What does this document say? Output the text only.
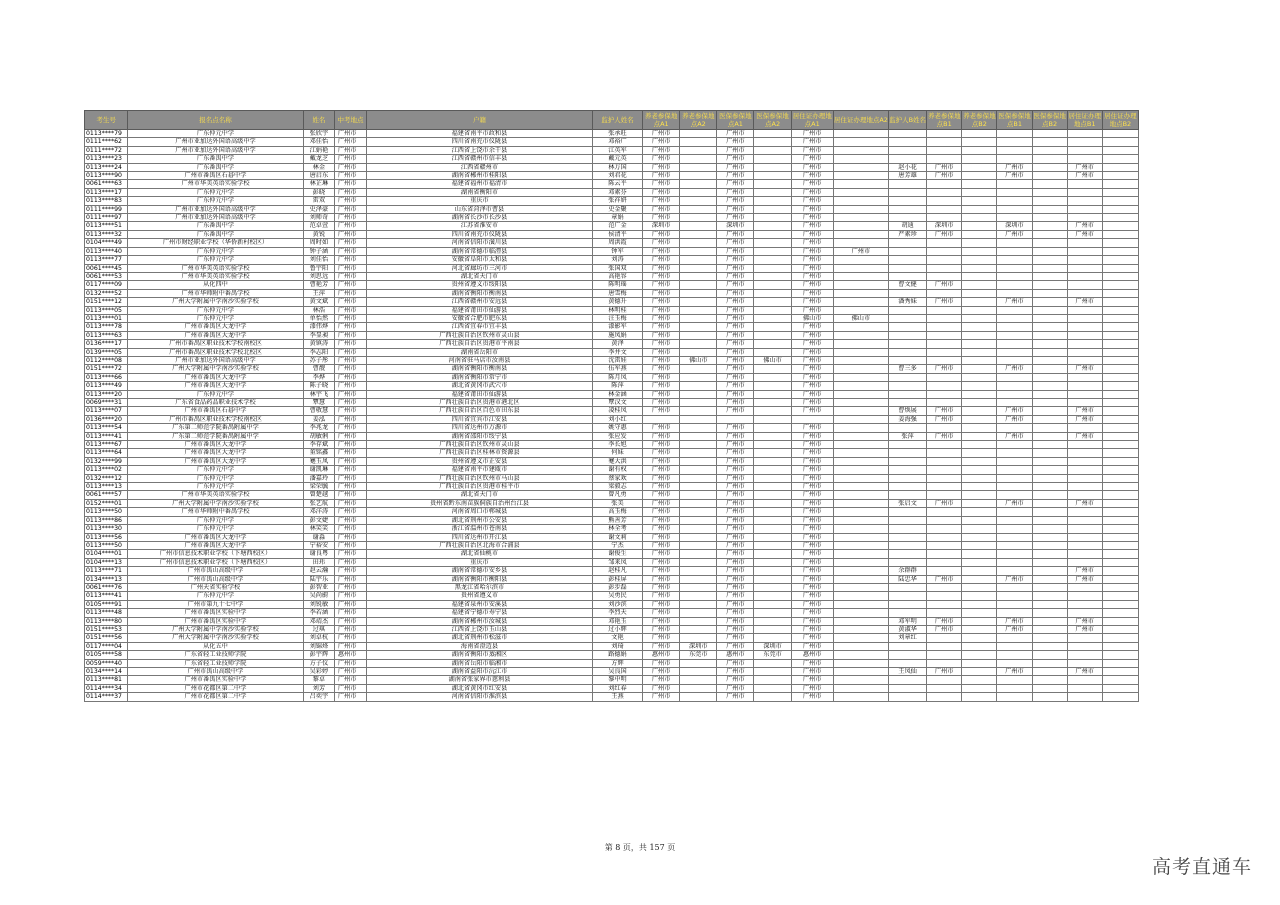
考生号	报名点名称	姓名	中考地点	户籍	监护人姓名	养老参保地点A1	养老参保地点A2	医保参保地点A1	医保参保地点A2	居住证办理地点A1	居住证办理地点A2	监护人B姓名	养老参保地点B1	养老参保地点B2	医保参保地点B1	医保参保地点B2	居住证办理地点B1	居住证办理地点B2
0113****79	广东仲元中学	张欣宇	广州市	福建省南平市政和县	张承旺	广州市		广州市		广州市								
0111****62	广州市亚加达外国语高级中学	邓佳怡	广州市	四川省南充市仪陇县	邓裕广	广州市		广州市		广州市								
0111****72	广州市亚加达外国语高级中学	江娟艳	广州市	江西省上饶市余干县	江英军	广州市		广州市		广州市								
0113****23	广东番禺中学	戴龙芝	广州市	江西省赣州市信丰县	戴元英	广州市		广州市		广州市								
0113****24	广东番禺中学	林金	广州市	江西省赣州市	林万国	广州市		广州市		广州市		赵小花	广州市		广州市		广州市	
0113****90	广州市番禺区石碁中学	唐启东	广州市	湖南省郴州市桂阳县	刘君花	广州市		广州市		广州市		唐芳雄	广州市		广州市		广州市	
0061****63	广州市华美英语实验学校	林芷琳	广州市	福建省福州市福清市	陈云平	广州市		广州市		广州市								
0113****17	广东仲元中学	彭晓	广州市	湖南省衡阳市	邓素芬	广州市		广州市		广州市								
0113****83	广东仲元中学	雷双	广州市	重庆市	张祥妍	广州市		广州市		广州市								
0111****99	广州市亚加达外国语高级中学	史泽豪	广州市	山东省菏泽市曹县	史金聚	广州市		广州市		广州市								
0111****97	广州市亚加达外国语高级中学	刘师奇	广州市	湖南省长沙市长沙县	章娟	广州市		广州市		广州市								
0113****51	广东番禺中学	范卓萱	广州市	江苏省淮安市	范广金	深圳市		深圳市		广州市		胡迪	深圳市		深圳市		广州市	
0113****32	广东番禺中学	黄锐	广州市	四川省南充市仪陇县	侯清平	广州市		广州市		广州市		严素珍	广州市		广州市		广州市	
0104****49	广州市财经职业学校（华侨新村校区）	周时如	广州市	河南省信阳市潢川县	周洪霞	广州市		广州市		广州市								
0113****40	广东仲元中学	钟子涵	广州市	湖南省常德市临澧县	钟军	广州市		广州市		广州市	广州市							
0113****77	广东仲元中学	刘佳怡	广州市	安徽省阜阳市太和县	刘涛	广州市		广州市		广州市								
0061****45	广州市华美英语实验学校	鲁宇阳	广州市	河北省廊坊市三河市	张国双	广州市		广州市		广州市								
0061****53	广州市华美英语实验学校	刘思远	广州市	湖北省天门市	高艳容	广州市		广州市		广州市								
0117****09	从化四中	曹艳芳	广州市	贵州省遵义市绥阳县	陈明瑶	广州市		广州市		广州市		曹文健	广州市					
0132****52	广州市华师附中番禺学校	王萍	广州市	湖南省衡阳市衡南县	唐雪梅	广州市		广州市		广州市								
0151****12	广州大学附属中学南沙实验学校	黄文斌	广州市	江西省赣州市安远县	黄德升	广州市		广州市		广州市		潘秀妹	广州市		广州市		广州市	
0113****05	广东仲元中学	林浩	广州市	福建省莆田市仙游县	林明桂	广州市		广州市		广州市								
0113****01	广东仲元中学	单怡然	广州市	安徽省合肥市肥东县	汪玉梅	广州市		广州市		佛山市	佛山市							
0113****78	广州市番禺区大龙中学	漆伟烨	广州市	江西省宜春市宜丰县	漆影军	广州市		广州市		广州市								
0113****63	广州市番禺区大龙中学	李显昶	广州市	广西壮族自治区钦州市灵山县	施凤娟	广州市		广州市		广州市								
0136****17	广州市番禺区职业技术学校南校区	黄镇涛	广州市	广西壮族自治区贵港市平南县	黄泽	广州市		广州市		广州市								
0139****05	广州市番禺区职业技术学校北校区	李志阳	广州市	湖南省岳阳市	李井文	广州市		广州市		广州市								
0112****08	广州市亚加达外国语高级中学	苏子彤	广州市	河南省驻马店市汝南县	沈雷娃	广州市	佛山市	广州市	佛山市	广州市								
0151****72	广州大学附属中学南沙实验学校	曹靓	广州市	湖南省衡阳市衡南县	伍军燕	广州市		广州市		广州市		曹三多	广州市		广州市		广州市	
0113****66	广州市番禺区大龙中学	李烨	广州市	湖南省衡阳市常宁市	陈月凤	广州市		广州市		广州市								
0113****49	广州市番禺区大龙中学	陈子晓	广州市	湖北省黄冈市武穴市	陈萍	广州市		广州市		广州市								
0113****20	广东仲元中学	林宇飞	广州市	福建省莆田市仙游县	林金涵	广州市		广州市		广州市								
0069****31	广东省食品药品职业技术学校	覃慧	广州市	广西壮族自治区贵港市港北区	覃汉文	广州市		广州市		广州市								
0113****07	广州市番禺区石碁中学	曹敬慧	广州市	广西壮族自治区百色市田东县	凌桂凤	广州市		广州市		广州市		曹焕展	广州市		广州市		广州市	
0136****20	广州市番禺区职业技术学校南校区	姜泓	广州市	四川省宜宾市江安县	刘小红							姜海强	广州市		广州市		广州市	
0113****54	广东第二师范学院番禺附属中学	李兆龙	广州市	四川省达州市万源市	姚守惠	广州市		广州市		广州市								
0113****41	广东第二师范学院番禺附属中学	胡敏俐	广州市	湖南省邵阳市绥宁县	张应发	广州市		广州市		广州市		张萍	广州市		广州市		广州市	
0113****67	广州市番禺区大龙中学	李存斌	广州市	广西壮族自治区钦州市灵山县	李长旭	广州市		广州市		广州市								
0113****64	广州市番禺区大龙中学	董铭鑫	广州市	广西壮族自治区桂林市资源县	何妹	广州市		广州市		广州市								
0132****99	广州市番禺区大龙中学	蹇玉凤	广州市	贵州省遵义市正安县	蹇大洪	广州市		广州市		广州市								
0113****02	广东仲元中学	谢凯琳	广州市	福建省南平市建瓯市	谢有权	广州市		广州市		广州市								
0132****12	广东仲元中学	潘嘉玲	广州市	广西壮族自治区钦州市马山县	蔡家欢	广州市		广州市		广州市								
0113****13	广东仲元中学	梁荣毓	广州市	广西壮族自治区贵港市桂平市	梁毅志	广州市		广州市		广州市								
0061****57	广州市华美英语实验学校	曾楚越	广州市	湖北省天门市	曾凡勇	广州市		广州市		广州市								
0152****01	广州大学附属中学南沙实验学校	张艺航	广州市	贵州省黔东南苗族侗族自治州台江县	张美	广州市		广州市		广州市		张启文	广州市		广州市		广州市	
0113****50	广州市华师附中番禺学校	邓洋涛	广州市	河南省周口市郸城县	高玉梅	广州市		广州市		广州市								
0113****86	广东仲元中学	彭文婕	广州市	湖北省荆州市公安县	熊善芳	广州市		广州市		广州市								
0113****30	广东仲元中学	林笑笑	广州市	浙江省温州市苍南县	林全考	广州市		广州市		广州市								
0113****56	广州市番禺区大龙中学	谢淼	广州市	四川省达州市开江县	谢文莉	广州市		广州市		广州市								
0113****50	广州市番禺区大龙中学	宁裕安	广州市	广西壮族自治区北海市合浦县	宁杰	广州市		广州市		广州市								
0104****01	广州市信息技术职业学校（下塘西校区）	谢良粤	广州市	湖北省仙桃市	谢俊生	广州市		广州市		广州市								
0104****13	广州市信息技术职业学校（下塘西校区）	田玮	广州市	重庆市	邹来凤	广州市		广州市		广州市								
0113****71	广州市禺山高级中学	赵云瀚	广州市	湖南省常德市安乡县	赵桂凡	广州市		广州市		广州市		余群群					广州市	
0134****13	广州市禺山高级中学	陆宇乐	广州市	湖南省衡阳市衡阳县	彭桂屏	广州市		广州市		广州市		陆忠华	广州市		广州市		广州市	
0061****76	广州天省实验学校	彭智亚	广州市	黑龙江省哈尔滨市	彭步磊	广州市		广州市		广州市								
0113****41	广东仲元中学	吴尚蔚	广州市	贵州省遵义市	吴勇民	广州市		广州市		广州市								
0105****91	广州市第九十七中学	刘锐敏	广州市	福建省泉州市安溪县	刘沙滨	广州市		广州市		广州市								
0113****48	广州市番禺区实验中学	李若涵	广州市	福建省宁德市寿宁县	李烈天	广州市		广州市		广州市								
0113****80	广州市番禺区实验中学	邓靖杰	广州市	湖南省郴州市汝城县	邓艳玉	广州市		广州市		广州市		邓军明	广州市		广州市		广州市	
0151****53	广州大学附属中学南沙实验学校	过琪	广州市	江西省上饶市玉山县	过小辉	广州市		广州市		广州市		黄淑华	广州市		广州市		广州市	
0151****56	广州大学附属中学南沙实验学校	刘卓杭	广州市	湖北省荆州市松滋市	文艳	广州市		广州市		广州市		刘章红						
0117****04	从化五中	刘锦烽	广州市	海南省澄迈县	刘琦	广州市	深圳市	广州市	深圳市	广州市								
0105****58	广东省轻工业技师学院	彭宇辉	惠州市	湖南省衡阳市蒸湘区	路德娟	惠州市	东莞市	惠州市	东莞市	惠州市								
0059****40	广东省轻工业技师学院	方子仪	广州市	湖南省岳阳市临湘市	方辉	广州市		广州市		广州市								
0134****14	广州市禺山高级中学	吴彩婷	广州市	湖南省益阳市沅江市	吴良国	广州市		广州市		广州市		王凤仙	广州市		广州市		广州市	
0113****81	广州市番禺区实验中学	黎卓	广州市	湖南省张家界市慈利县	黎中明	广州市		广州市		广州市								
0114****34	广州市花都区第二中学	刘芳	广州市	湖北省黄冈市红安县	刘红春	广州市		广州市		广州市								
0114****37	广州市花都区第二中学	吕奕宇	广州市	河南省信阳市淮滨县	王燕	广州市		广州市		广州市								
第 8 页，共 157 页
高考直通车
